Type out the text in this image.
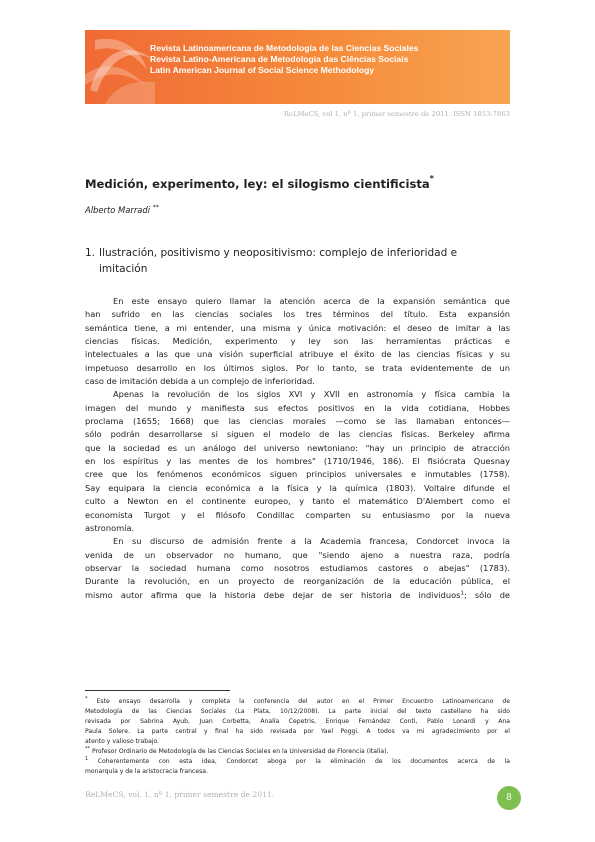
Revista Latinoamericana de Metodología de las Ciencias Sociales
Revista Latino-Americana de Metodologia das Ciências Sociais
Latin American Journal of Social Science Methodology
ReLMeCS, vol 1, nº 1, primer semestre de 2011. ISSN 1853-7863
Medición, experimento, ley: el silogismo cientificista*
Alberto Marradi **
1. Ilustración, positivismo y neopositivismo: complejo de inferioridad e
imitación
En este ensayo quiero llamar la atención acerca de la expansión semántica que
han sufrido en las ciencias sociales los tres términos del título. Esta expansión
semántica tiene, a mi entender, una misma y única motivación: el deseo de imitar a las
ciencias físicas. Medición, experimento y ley son las herramientas prácticas e
intelectuales a las que una visión superficial atribuye el éxito de las ciencias físicas y su
impetuoso desarrollo en los últimos siglos. Por lo tanto, se trata evidentemente de un
caso de imitación debida a un complejo de inferioridad.
Apenas la revolución de los siglos XVI y XVII en astronomía y física cambia la
imagen del mundo y manifiesta sus efectos positivos en la vida cotidiana, Hobbes
proclama (1655; 1668) que las ciencias morales —como se las llamaban entonces—
sólo podrán desarrollarse si siguen el modelo de las ciencias físicas. Berkeley afirma
que la sociedad es un análogo del universo newtoniano: "hay un principio de atracción
en los espíritus y las mentes de los hombres" (1710/1946, 186). El fisiócrata Quesnay
cree que los fenómenos económicos siguen principios universales e inmutables (1758).
Say equipara la ciencia económica a la física y la química (1803). Voltaire difunde el
culto a Newton en el continente europeo, y tanto el matemático D'Alembert como el
economista Turgot y el filósofo Condillac comparten su entusiasmo por la nueva
astronomía.
En su discurso de admisión frente a la Academia francesa, Condorcet invoca la
venida de un observador no humano, que "siendo ajeno a nuestra raza, podría
observar la sociedad humana como nosotros estudiamos castores o abejas" (1783).
Durante la revolución, en un proyecto de reorganización de la educación pública, el
mismo autor afirma que la historia debe dejar de ser historia de individuos$^1$; sólo de
* Este ensayo desarrolla y completa la conferencia del autor en el Primer Encuentro Latinoamericano de
Metodología de las Ciencias Sociales (La Plata, 10/12/2008). La parte inicial del texto castellano ha sido
revisada por Sabrina Ayub, Juan Corbetta, Analía Cepetris, Enrique Fernández Conti, Pablo Lonardi y Ana
Paula Solere. La parte central y final ha sido revisada por Yael Poggi. A todos va mi agradecimiento por el
atento y valioso trabajo.
** Profesor Ordinario de Metodología de las Ciencias Sociales en la Universidad de Florencia (Italia).
$^1$ Coherentemente con esta idea, Condorcet aboga por la eliminación de los documentos acerca de la
monarquía y de la aristocracia francesa.
ReLMeCS, vol. 1, nº 1, primer semestre de 2011.	8
